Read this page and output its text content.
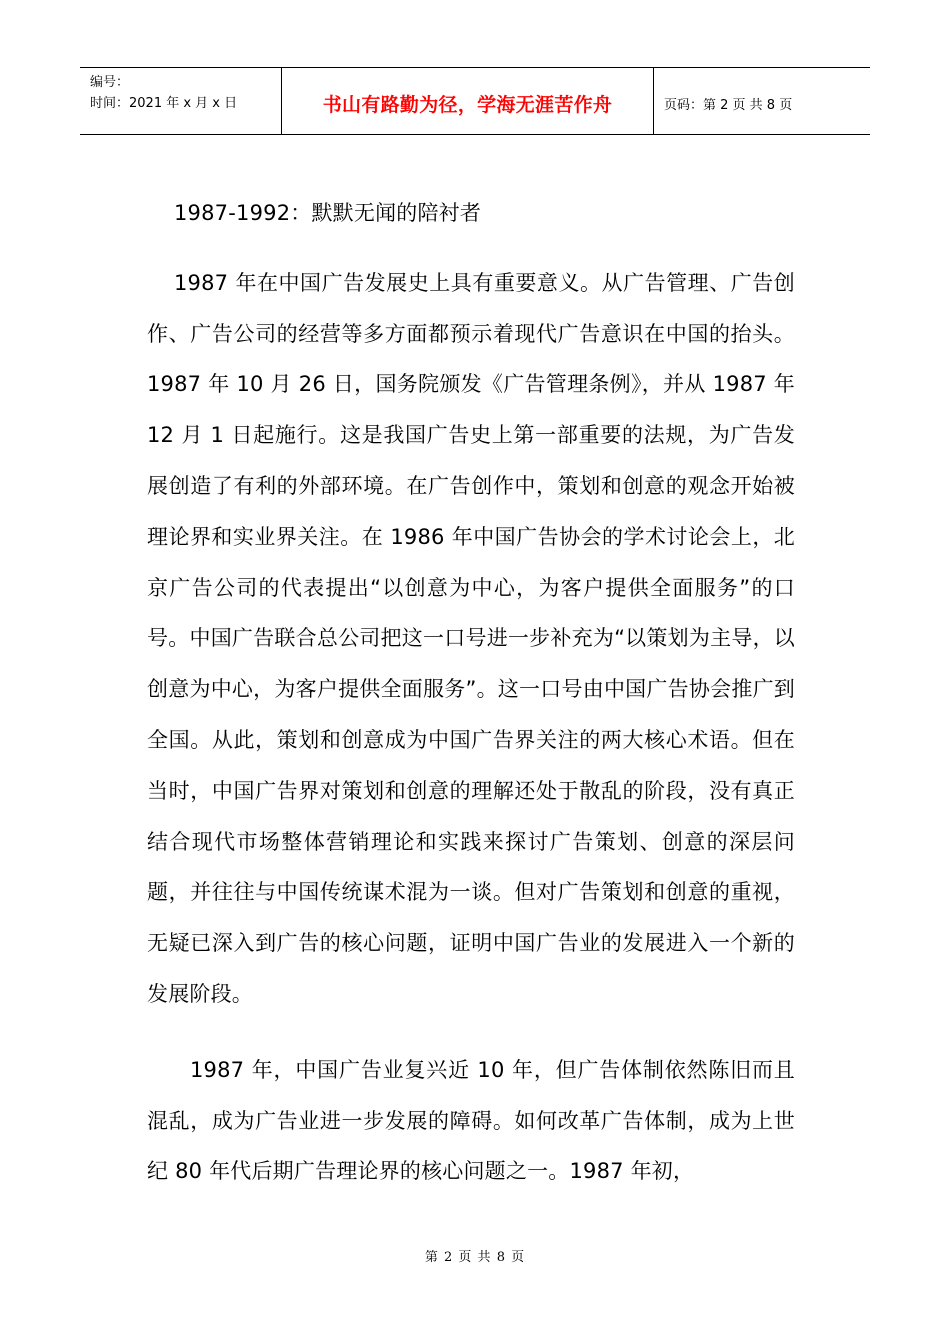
编号：
时间：2021 年 x 月 x 日	书山有路勤为径，学海无涯苦作舟	页码：第 2 页 共 8 页
1987-1992：默默无闻的陪衬者

1987 年在中国广告发展史上具有重要意义。从广告管理、广告创作、广告公司的经营等多方面都预示着现代广告意识在中国的抬头。1987 年 10 月 26 日，国务院颁发《广告管理条例》，并从 1987 年 12 月 1 日起施行。这是我国广告史上第一部重要的法规，为广告发展创造了有利的外部环境。在广告创作中，策划和创意的观念开始被理论界和实业界关注。在 1986 年中国广告协会的学术讨论会上，北京广告公司的代表提出“以创意为中心，为客户提供全面服务”的口号。中国广告联合总公司把这一口号进一步补充为“以策划为主导，以创意为中心，为客户提供全面服务”。这一口号由中国广告协会推广到全国。从此，策划和创意成为中国广告界关注的两大核心术语。但在当时，中国广告界对策划和创意的理解还处于散乱的阶段，没有真正结合现代市场整体营销理论和实践来探讨广告策划、创意的深层问题，并往往与中国传统谋术混为一谈。但对广告策划和创意的重视，无疑已深入到广告的核心问题，证明中国广告业的发展进入一个新的发展阶段。

1987 年，中国广告业复兴近 10 年，但广告体制依然陈旧而且混乱，成为广告业进一步发展的障碍。如何改革广告体制，成为上世纪 80 年代后期广告理论界的核心问题之一。1987 年初，

第 2 页 共 8 页
